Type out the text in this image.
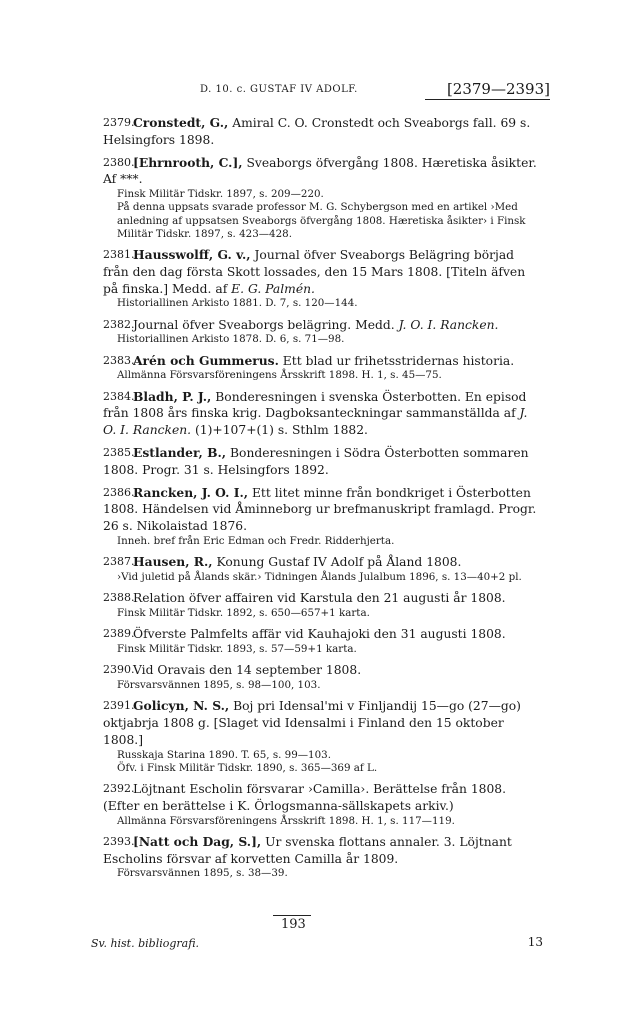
D. 10. c. GUSTAF IV ADOLF.	[2379—2393]
2379.
Cronstedt, G., Amiral C. O. Cronstedt och Sveaborgs fall. 69 s. Helsingfors 1898.
2380.
[Ehrnrooth, C.], Sveaborgs öfvergång 1808. Hæretiska åsikter. Af ***.
Finsk Militär Tidskr. 1897, s. 209—220.
På denna uppsats svarade professor M. G. Schybergson med en artikel ›Med anledning af uppsatsen Sveaborgs öfvergång 1808. Hæretiska åsikter› i Finsk Militär Tidskr. 1897, s. 423—428.
2381.
Hausswolff, G. v., Journal öfver Sveaborgs Belägring börjad från den dag första Skott lossades, den 15 Mars 1808. [Titeln äfven på finska.] Medd. af E. G. Palmén.
Historiallinen Arkisto 1881. D. 7, s. 120—144.
2382.
Journal öfver Sveaborgs belägring. Medd. J. O. I. Rancken.
Historiallinen Arkisto 1878. D. 6, s. 71—98.
2383.
Arén och Gummerus. Ett blad ur frihetsstridernas historia.
Allmänna Försvarsföreningens Årsskrift 1898. H. 1, s. 45—75.
2384.
Bladh, P. J., Bonderesningen i svenska Österbotten. En episod från 1808 års finska krig. Dagboksanteckningar sammanställda af J. O. I. Rancken. (1)+107+(1) s. Sthlm 1882.
2385.
Estlander, B., Bonderesningen i Södra Österbotten sommaren 1808. Progr. 31 s. Helsingfors 1892.
2386.
Rancken, J. O. I., Ett litet minne från bondkriget i Österbotten 1808. Händelsen vid Åminneborg ur brefmanuskript framlagd. Progr. 26 s. Nikolaistad 1876.
Inneh. bref från Eric Edman och Fredr. Ridderhjerta.
2387.
Hausen, R., Konung Gustaf IV Adolf på Åland 1808.
›Vid juletid på Ålands skär.› Tidningen Ålands Julalbum 1896, s. 13—40+2 pl.
2388.
Relation öfver affairen vid Karstula den 21 augusti år 1808.
Finsk Militär Tidskr. 1892, s. 650—657+1 karta.
2389.
Öfverste Palmfelts affär vid Kauhajoki den 31 augusti 1808.
Finsk Militär Tidskr. 1893, s. 57—59+1 karta.
2390.
Vid Oravais den 14 september 1808.
Försvarsvännen 1895, s. 98—100, 103.
2391.
Golicyn, N. S., Boj pri Idensal'mi v Finljandij 15—go (27—go) oktjabrja 1808 g. [Slaget vid Idensalmi i Finland den 15 oktober 1808.]
Russkaja Starina 1890. T. 65, s. 99—103.
Öfv. i Finsk Militär Tidskr. 1890, s. 365—369 af L.
2392.
Löjtnant Escholin försvarar ›Camilla›. Berättelse från 1808. (Efter en berättelse i K. Örlogsmanna-sällskapets arkiv.)
Allmänna Försvarsföreningens Årsskrift 1898. H. 1, s. 117—119.
2393.
[Natt och Dag, S.], Ur svenska flottans annaler. 3. Löjtnant Escholins försvar af korvetten Camilla år 1809.
Försvarsvännen 1895, s. 38—39.
193
Sv. hist. bibliografi.	13
